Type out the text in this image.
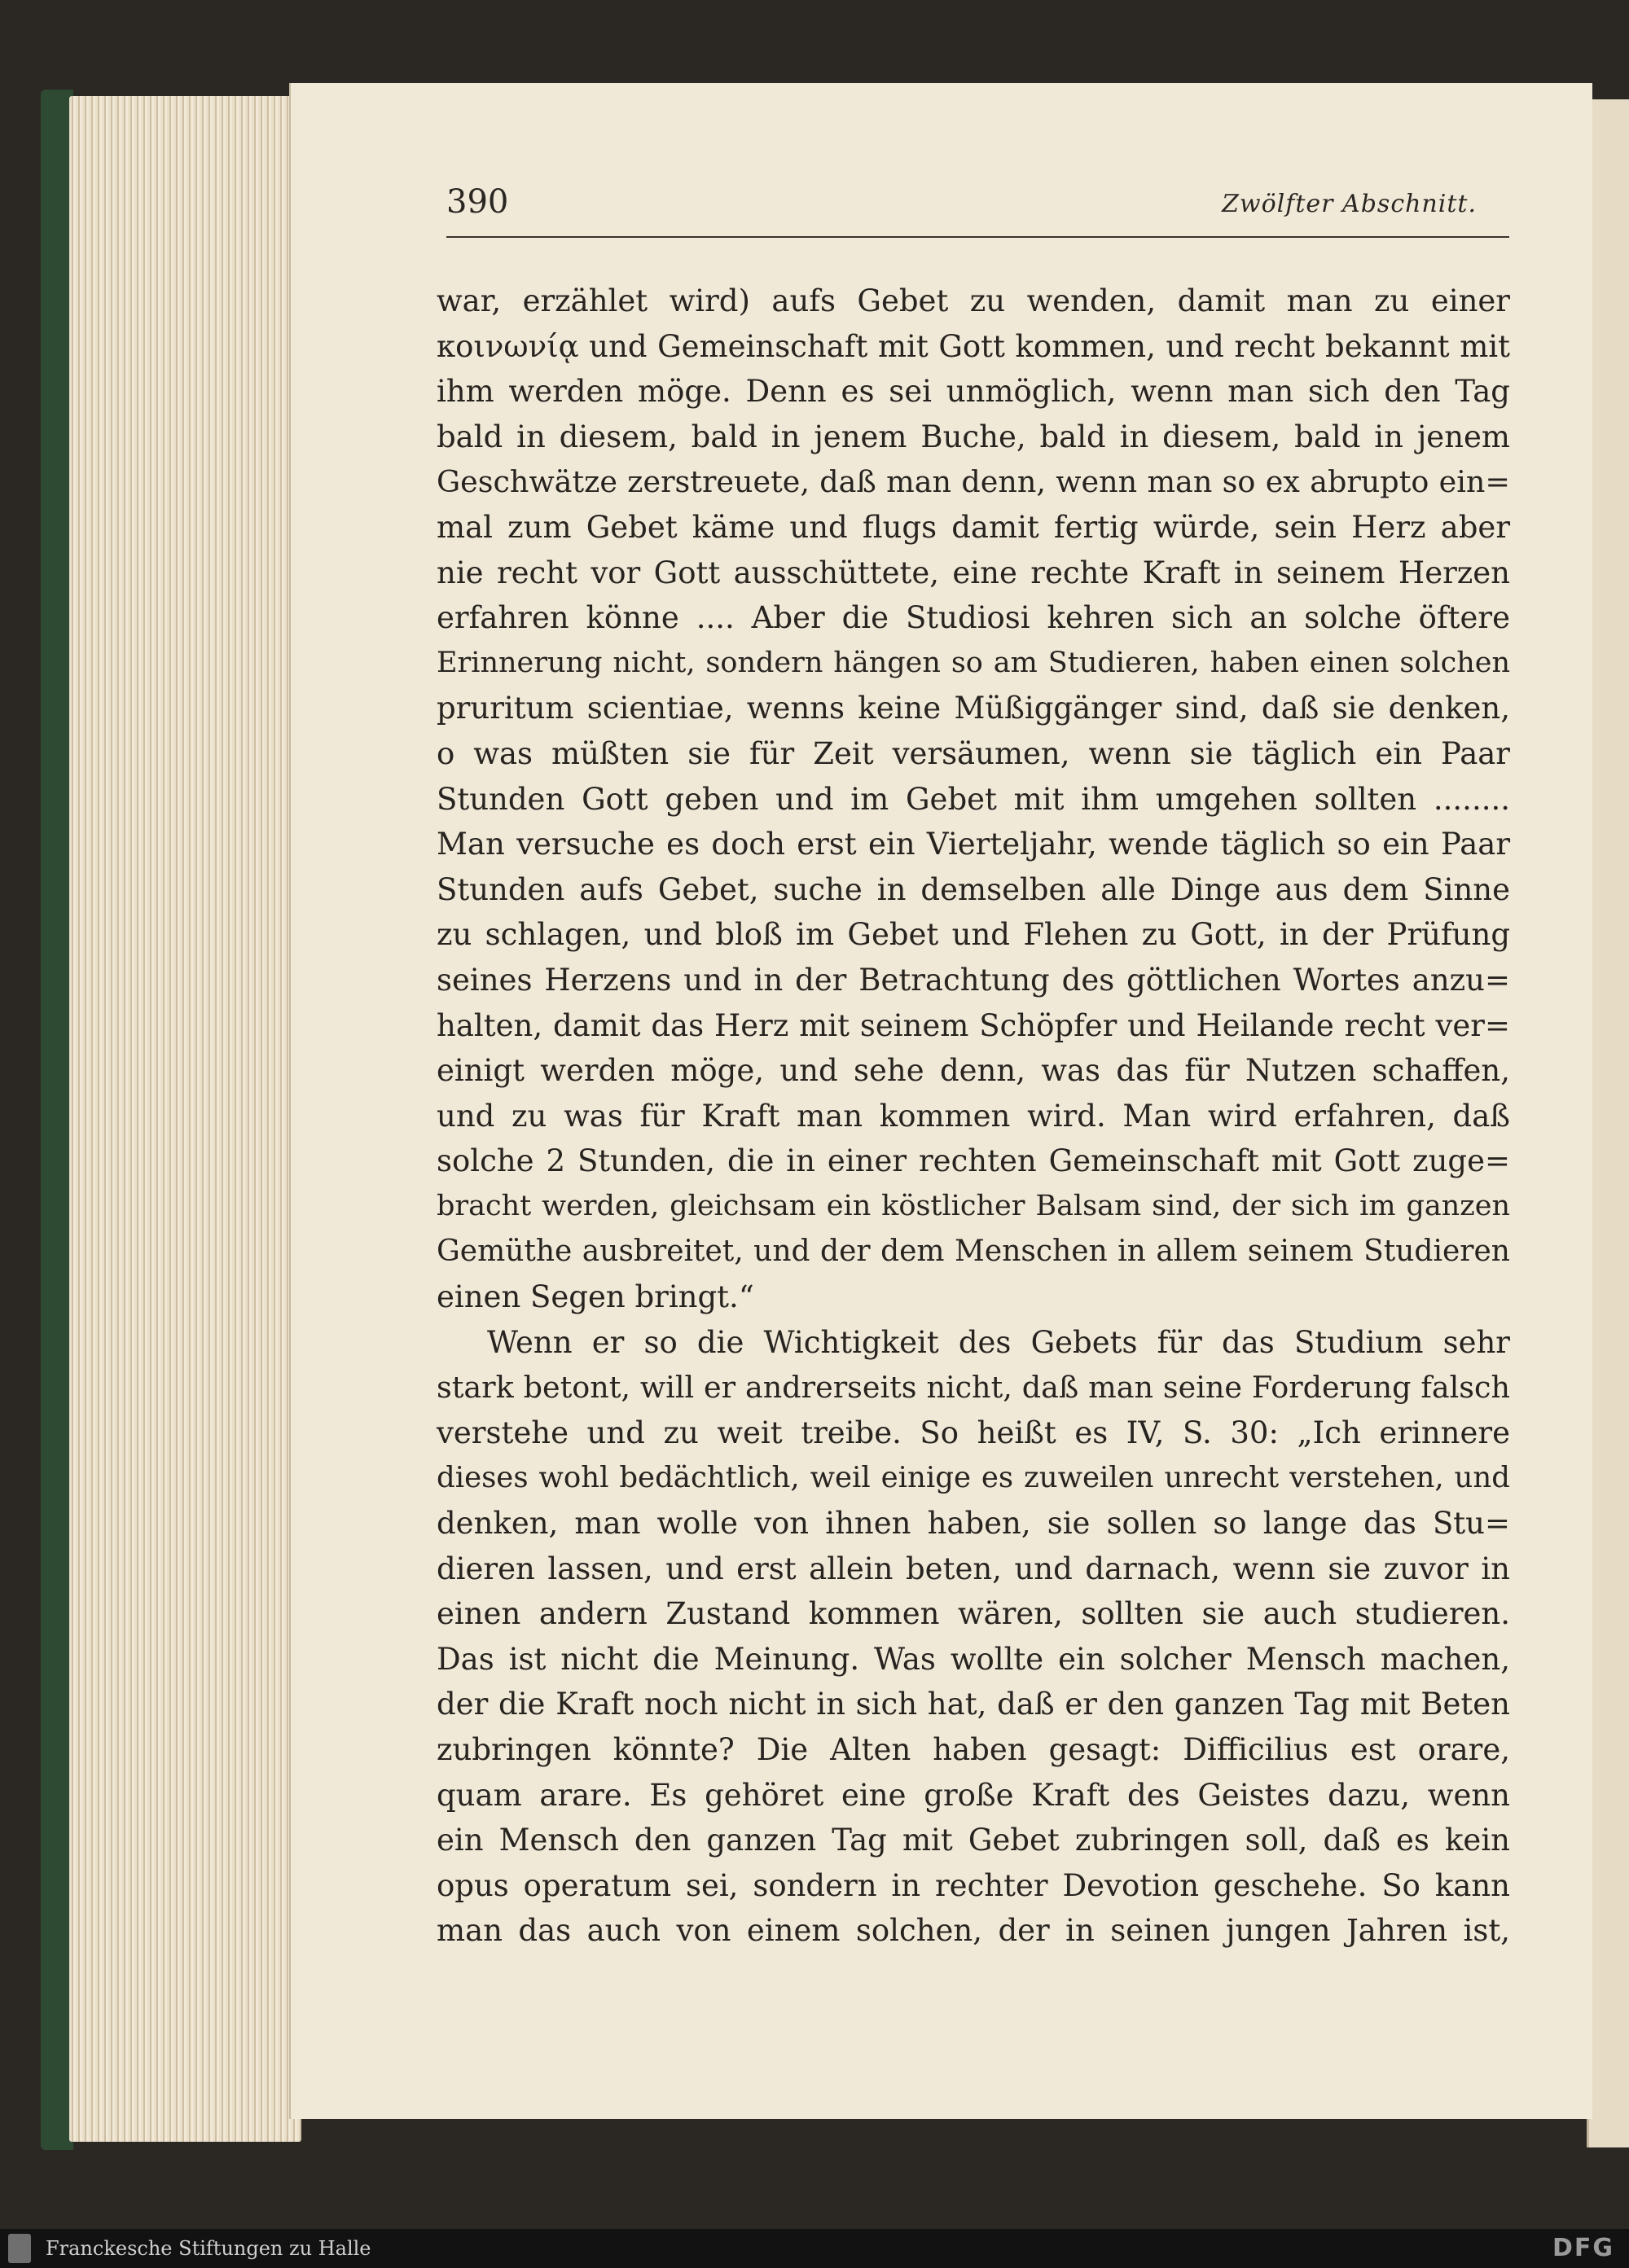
390	Zwölfter Abschnitt.
war, erzählet wird) aufs Gebet zu wenden, damit man zu einer
κοινωνίᾳ und Gemeinschaft mit Gott kommen, und recht bekannt mit
ihm werden möge. Denn es sei unmöglich, wenn man sich den Tag
bald in diesem, bald in jenem Buche, bald in diesem, bald in jenem
Geschwätze zerstreuete, daß man denn, wenn man so ex abrupto ein=
mal zum Gebet käme und flugs damit fertig würde, sein Herz aber
nie recht vor Gott ausschüttete, eine rechte Kraft in seinem Herzen
erfahren könne .... Aber die Studiosi kehren sich an solche öftere
Erinnerung nicht, sondern hängen so am Studieren, haben einen solchen
pruritum scientiae, wenns keine Müßiggänger sind, daß sie denken,
o was müßten sie für Zeit versäumen, wenn sie täglich ein Paar
Stunden Gott geben und im Gebet mit ihm umgehen sollten ........
Man versuche es doch erst ein Vierteljahr, wende täglich so ein Paar
Stunden aufs Gebet, suche in demselben alle Dinge aus dem Sinne
zu schlagen, und bloß im Gebet und Flehen zu Gott, in der Prüfung
seines Herzens und in der Betrachtung des göttlichen Wortes anzu=
halten, damit das Herz mit seinem Schöpfer und Heilande recht ver=
einigt werden möge, und sehe denn, was das für Nutzen schaffen,
und zu was für Kraft man kommen wird. Man wird erfahren, daß
solche 2 Stunden, die in einer rechten Gemeinschaft mit Gott zuge=
bracht werden, gleichsam ein köstlicher Balsam sind, der sich im ganzen
Gemüthe ausbreitet, und der dem Menschen in allem seinem Studieren
einen Segen bringt.“
Wenn er so die Wichtigkeit des Gebets für das Studium sehr
stark betont, will er andrerseits nicht, daß man seine Forderung falsch
verstehe und zu weit treibe. So heißt es IV, S. 30: „Ich erinnere
dieses wohl bedächtlich, weil einige es zuweilen unrecht verstehen, und
denken, man wolle von ihnen haben, sie sollen so lange das Stu=
dieren lassen, und erst allein beten, und darnach, wenn sie zuvor in
einen andern Zustand kommen wären, sollten sie auch studieren.
Das ist nicht die Meinung. Was wollte ein solcher Mensch machen,
der die Kraft noch nicht in sich hat, daß er den ganzen Tag mit Beten
zubringen könnte? Die Alten haben gesagt: Difficilius est orare,
quam arare. Es gehöret eine große Kraft des Geistes dazu, wenn
ein Mensch den ganzen Tag mit Gebet zubringen soll, daß es kein
opus operatum sei, sondern in rechter Devotion geschehe. So kann
man das auch von einem solchen, der in seinen jungen Jahren ist,
Franckesche Stiftungen zu Halle	DFG
